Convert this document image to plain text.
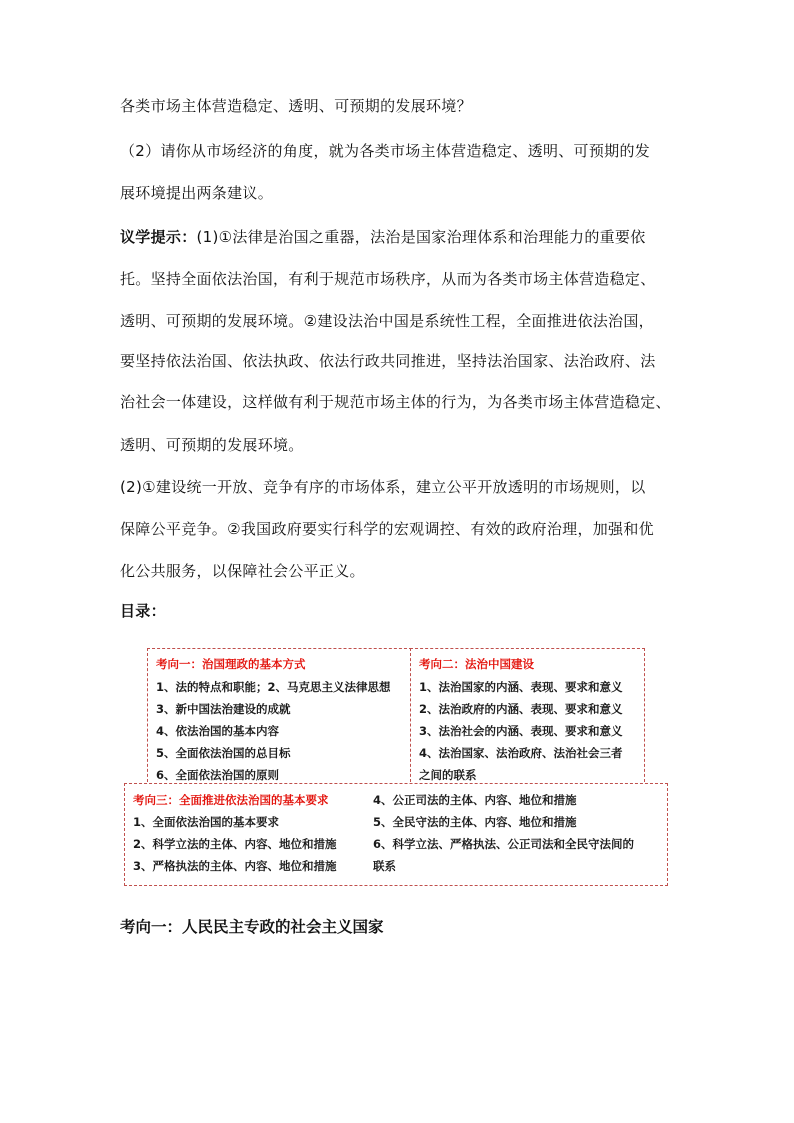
各类市场主体营造稳定、透明、可预期的发展环境？
（2）请你从市场经济的角度，就为各类市场主体营造稳定、透明、可预期的发
展环境提出两条建议。
议学提示：(1)①法律是治国之重器，法治是国家治理体系和治理能力的重要依
托。坚持全面依法治国，有利于规范市场秩序，从而为各类市场主体营造稳定、
透明、可预期的发展环境。②建设法治中国是系统性工程，全面推进依法治国，
要坚持依法治国、依法执政、依法行政共同推进，坚持法治国家、法治政府、法
治社会一体建设，这样做有利于规范市场主体的行为，为各类市场主体营造稳定、
透明、可预期的发展环境。
(2)①建设统一开放、竞争有序的市场体系，建立公平开放透明的市场规则，以
保障公平竞争。②我国政府要实行科学的宏观调控、有效的政府治理，加强和优
化公共服务，以保障社会公平正义。
目录：
考向一：治国理政的基本方式
1、法的特点和职能；2、马克思主义法律思想
3、新中国法治建设的成就
4、依法治国的基本内容
5、全面依法治国的总目标
6、全面依法治国的原则
考向二：法治中国建设
1、法治国家的内涵、表现、要求和意义
2、法治政府的内涵、表现、要求和意义
3、法治社会的内涵、表现、要求和意义
4、法治国家、法治政府、法治社会三者
之间的联系
考向三：全面推进依法治国的基本要求
1、全面依法治国的基本要求
2、科学立法的主体、内容、地位和措施
3、严格执法的主体、内容、地位和措施
4、公正司法的主体、内容、地位和措施
5、全民守法的主体、内容、地位和措施
6、科学立法、严格执法、公正司法和全民守法间的
联系
考向一：人民民主专政的社会主义国家
